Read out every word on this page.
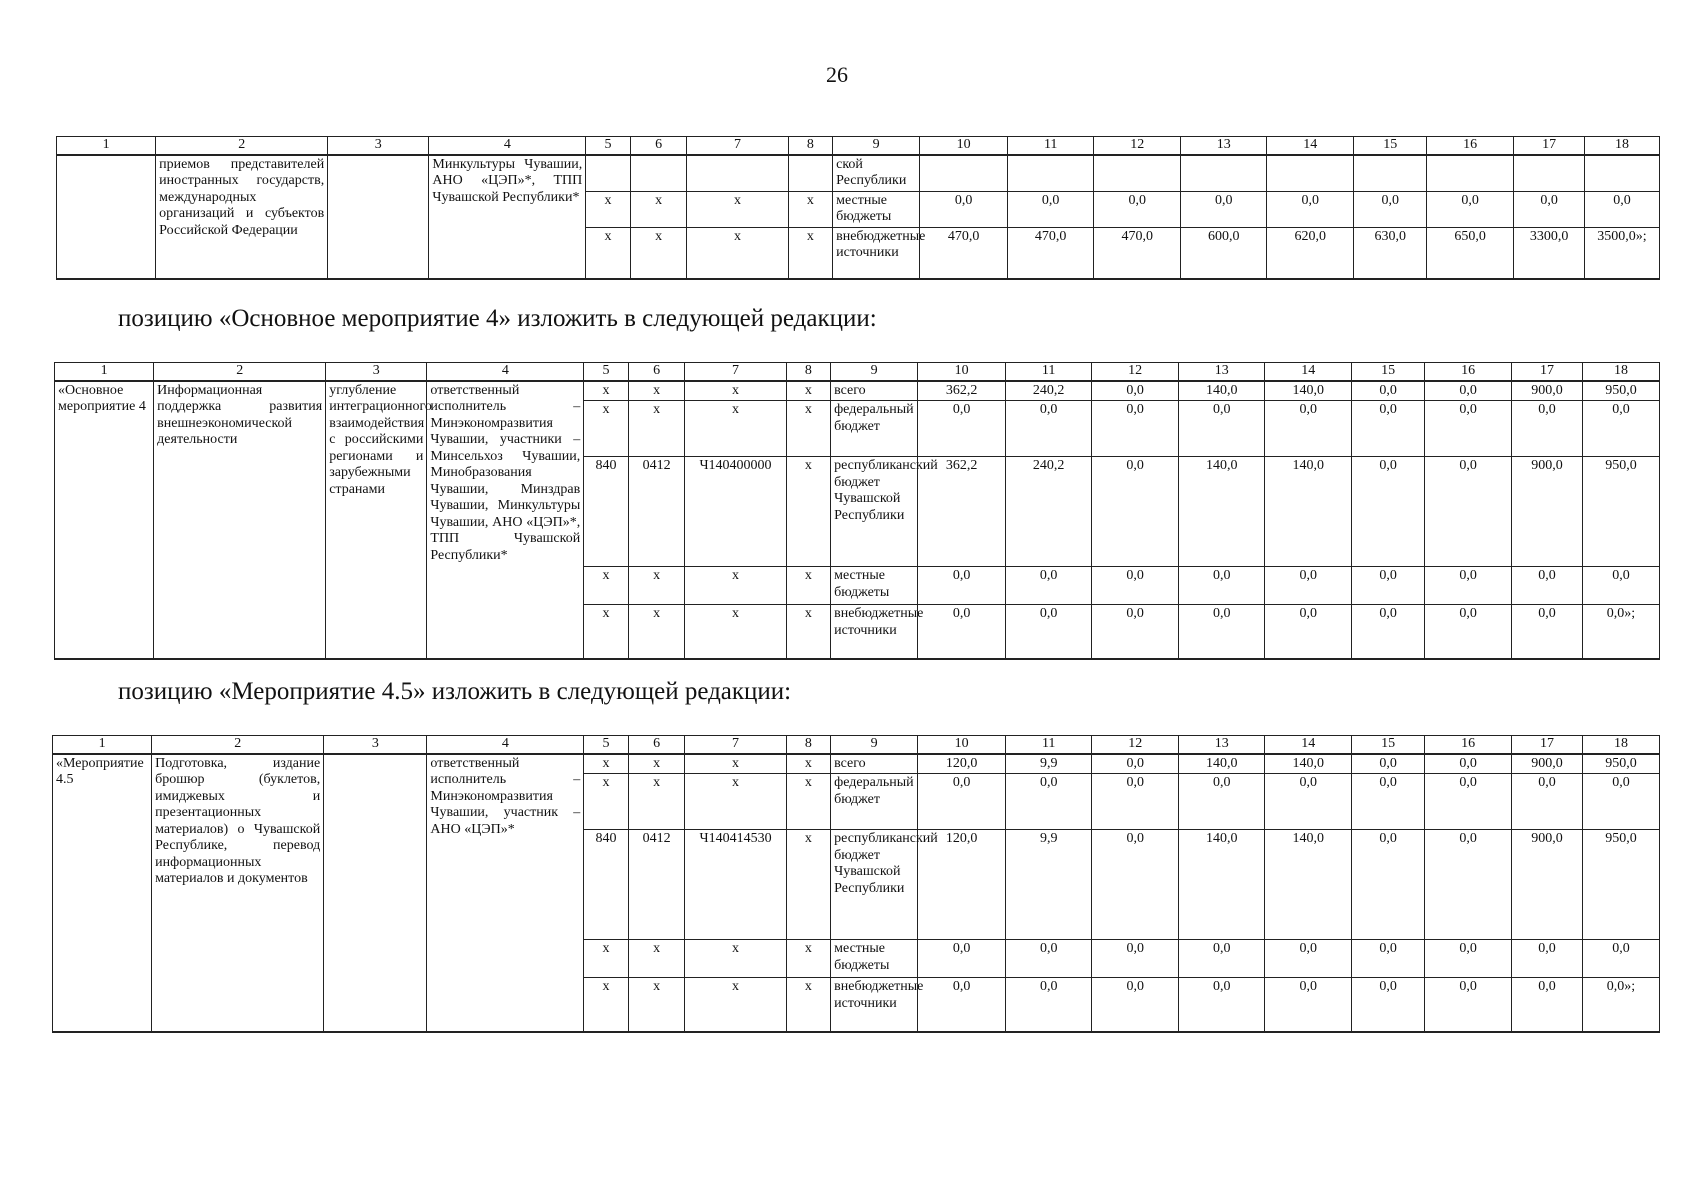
26
1	2	3	4	5	6	7	8	9	10	11	12	13	14	15	16	17	18
	приемов представителей иностранных государств, международных организаций и субъектов Российской Федерации		Минкультуры Чувашии, АНО «ЦЭП»*, ТПП Чувашской Республики*					ской Республики									
				x	x	x	x	местные бюджеты	0,0	0,0	0,0	0,0	0,0	0,0	0,0	0,0	0,0
				x	x	x	x	внебюджетные источники	470,0	470,0	470,0	600,0	620,0	630,0	650,0	3300,0	3500,0»;
позицию «Основное мероприятие 4» изложить в следующей редакции:
1	2	3	4	5	6	7	8	9	10	11	12	13	14	15	16	17	18
«Основное мероприятие 4	Информационная поддержка развития внешнеэкономической деятельности	углубление интеграционного взаимодействия с российскими регионами и зарубежными странами	ответственный исполнитель – Минэкономразвития Чувашии, участники – Минсельхоз Чувашии, Минобразования Чувашии, Минздрав Чувашии, Минкультуры Чувашии, АНО «ЦЭП»*, ТПП Чувашской Республики*	x	x	x	x	всего	362,2	240,2	0,0	140,0	140,0	0,0	0,0	900,0	950,0
				x	x	x	x	федеральный бюджет	0,0	0,0	0,0	0,0	0,0	0,0	0,0	0,0	0,0
				840	0412	Ч140400000	x	республиканский бюджет Чувашской Республики	362,2	240,2	0,0	140,0	140,0	0,0	0,0	900,0	950,0
				x	x	x	x	местные бюджеты	0,0	0,0	0,0	0,0	0,0	0,0	0,0	0,0	0,0
				x	x	x	x	внебюджетные источники	0,0	0,0	0,0	0,0	0,0	0,0	0,0	0,0	0,0»;
позицию «Мероприятие 4.5» изложить в следующей редакции:
1	2	3	4	5	6	7	8	9	10	11	12	13	14	15	16	17	18
«Мероприятие 4.5	Подготовка, издание брошюр (буклетов, имиджевых и презентационных материалов) о Чувашской Республике, перевод информационных материалов и документов		ответственный исполнитель – Минэкономразвития Чувашии, участник – АНО «ЦЭП»*	x	x	x	x	всего	120,0	9,9	0,0	140,0	140,0	0,0	0,0	900,0	950,0
				x	x	x	x	федеральный бюджет	0,0	0,0	0,0	0,0	0,0	0,0	0,0	0,0	0,0
				840	0412	Ч140414530	x	республиканский бюджет Чувашской Республики	120,0	9,9	0,0	140,0	140,0	0,0	0,0	900,0	950,0
				x	x	x	x	местные бюджеты	0,0	0,0	0,0	0,0	0,0	0,0	0,0	0,0	0,0
				x	x	x	x	внебюджетные источники	0,0	0,0	0,0	0,0	0,0	0,0	0,0	0,0	0,0»;
